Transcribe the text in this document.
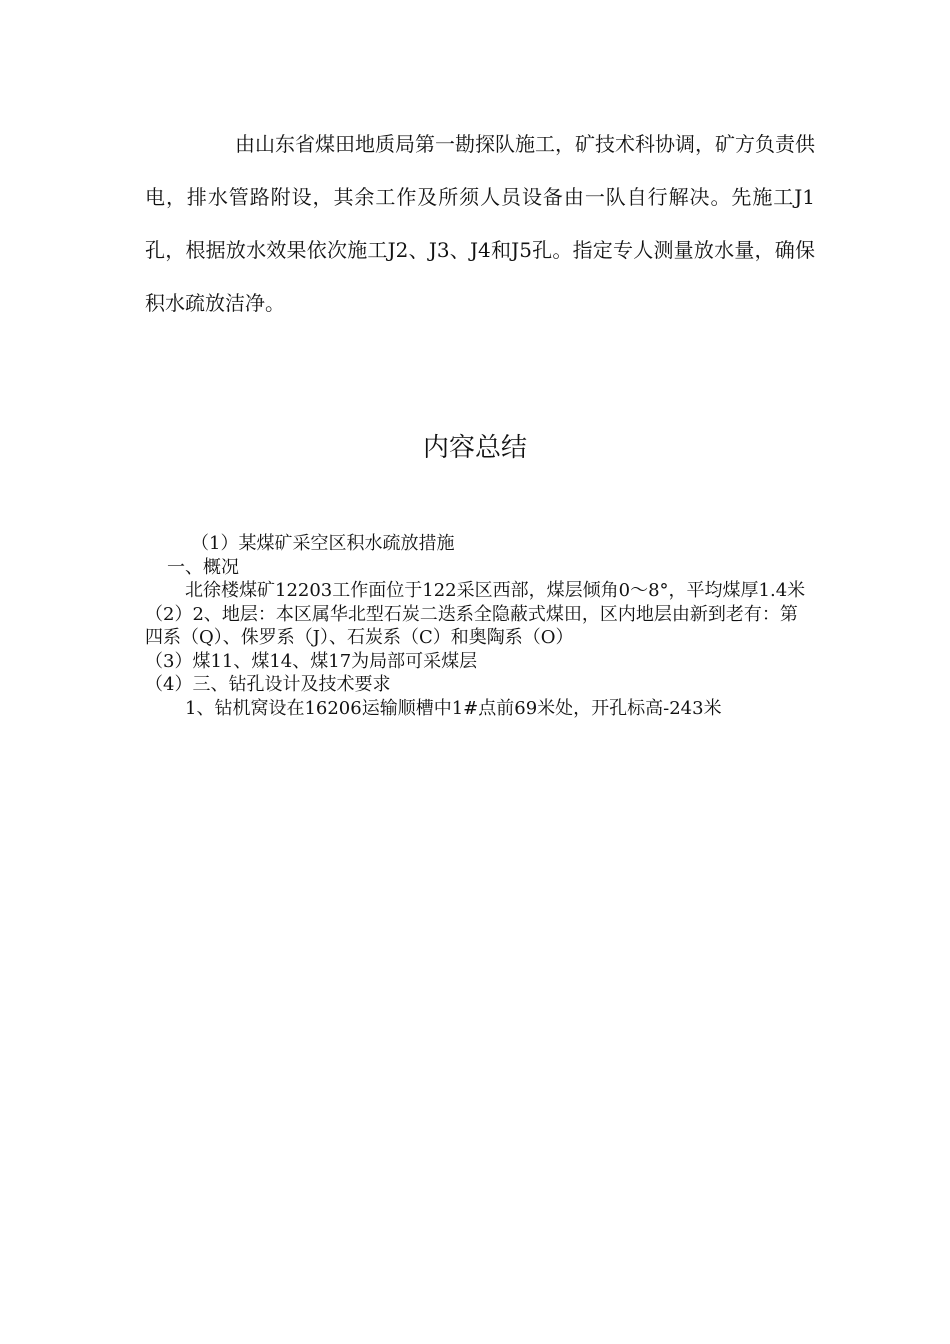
由山东省煤田地质局第一勘探队施工，矿技术科协调，矿方负责供电，排水管路附设，其余工作及所须人员设备由一队自行解决。先施工J1孔，根据放水效果依次施工J2、J3、J4和J5孔。指定专人测量放水量，确保积水疏放洁净。

内容总结

（1）某煤矿采空区积水疏放措施

一、概况

北徐楼煤矿12203工作面位于122采区西部，煤层倾角0～8°，平均煤厚1.4米

（2）2、地层：本区属华北型石炭二迭系全隐蔽式煤田，区内地层由新到老有：第四系（Q）、侏罗系（J）、石炭系（C）和奥陶系（O）

（3）煤11、煤14、煤17为局部可采煤层

（4）三、钻孔设计及技术要求

1、钻机窝设在16206运输顺槽中1#点前69米处，开孔标高-243米
